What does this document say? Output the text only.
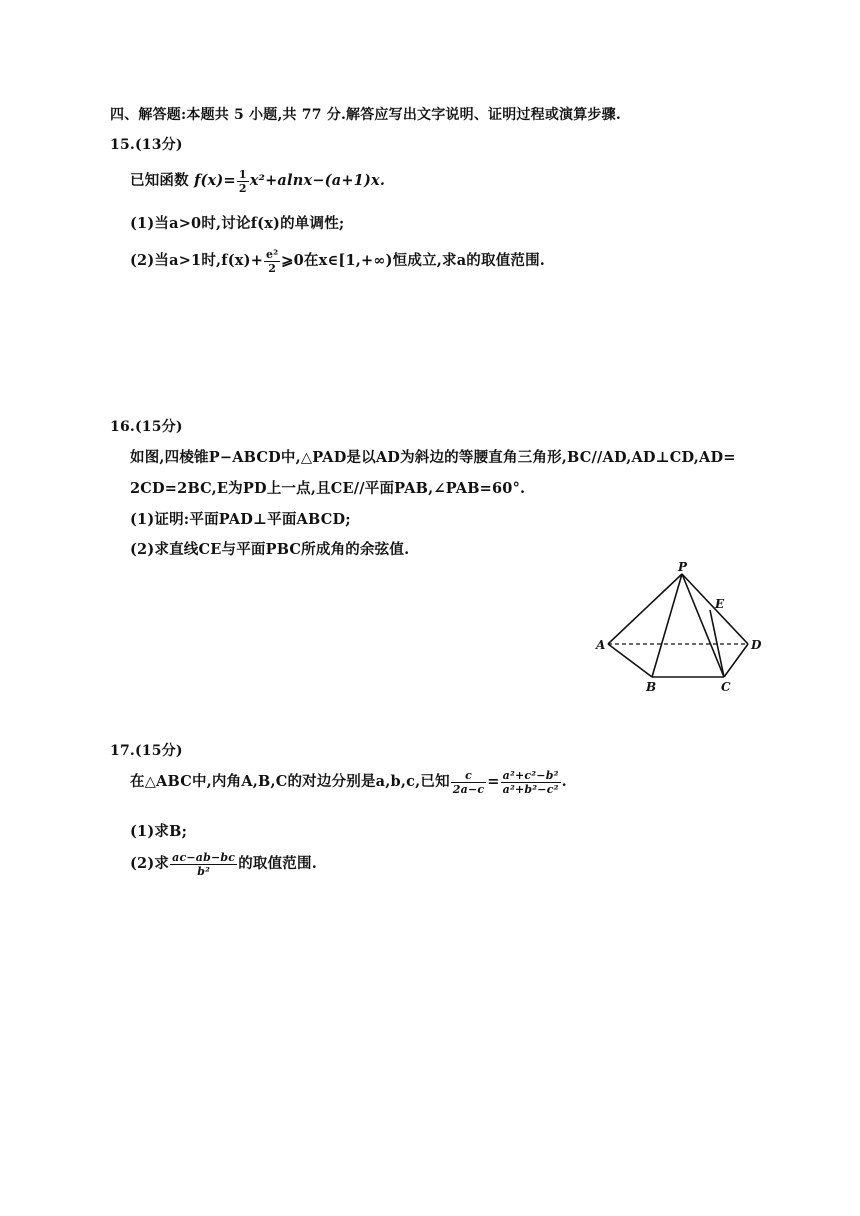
四、解答题:本题共 5 小题,共 77 分.解答应写出文字说明、证明过程或演算步骤.
15.(13分)
已知函数 $f(x)= \frac{1}{2} x^2+alnx-(a+1)x$.
(1)当a>0时,讨论f(x)的单调性;
(2)当a>1时$,f(x)+ \frac{\text{e²}}{2}$ ⩾0在x∈[1,+∞)恒成立,求a的取值范围.
16.(15分)
如图,四棱锥P−ABCD中,△PAD是以AD为斜边的等腰直角三角形,BC//AD,AD⊥CD,AD=
2CD=2BC,E为PD上一点,且CE//平面PAB,∠PAB=60°.
(1)证明:平面PAD⊥平面ABCD;
(2)求直线CE与平面PBC所成角的余弦值.
P
E
A	D
B	C
17.(15分)
在△ABC中,内角A,B,C的对边分别是a,b,c,已知 $\frac{c}{2a-c} = \frac{\text{a²+c²−b²}}{\text{a²+b²−c²}}$ .
(1)求B;
(2)求 $\frac{ac-ab-bc}{\text{b²}}$ 的取值范围.
